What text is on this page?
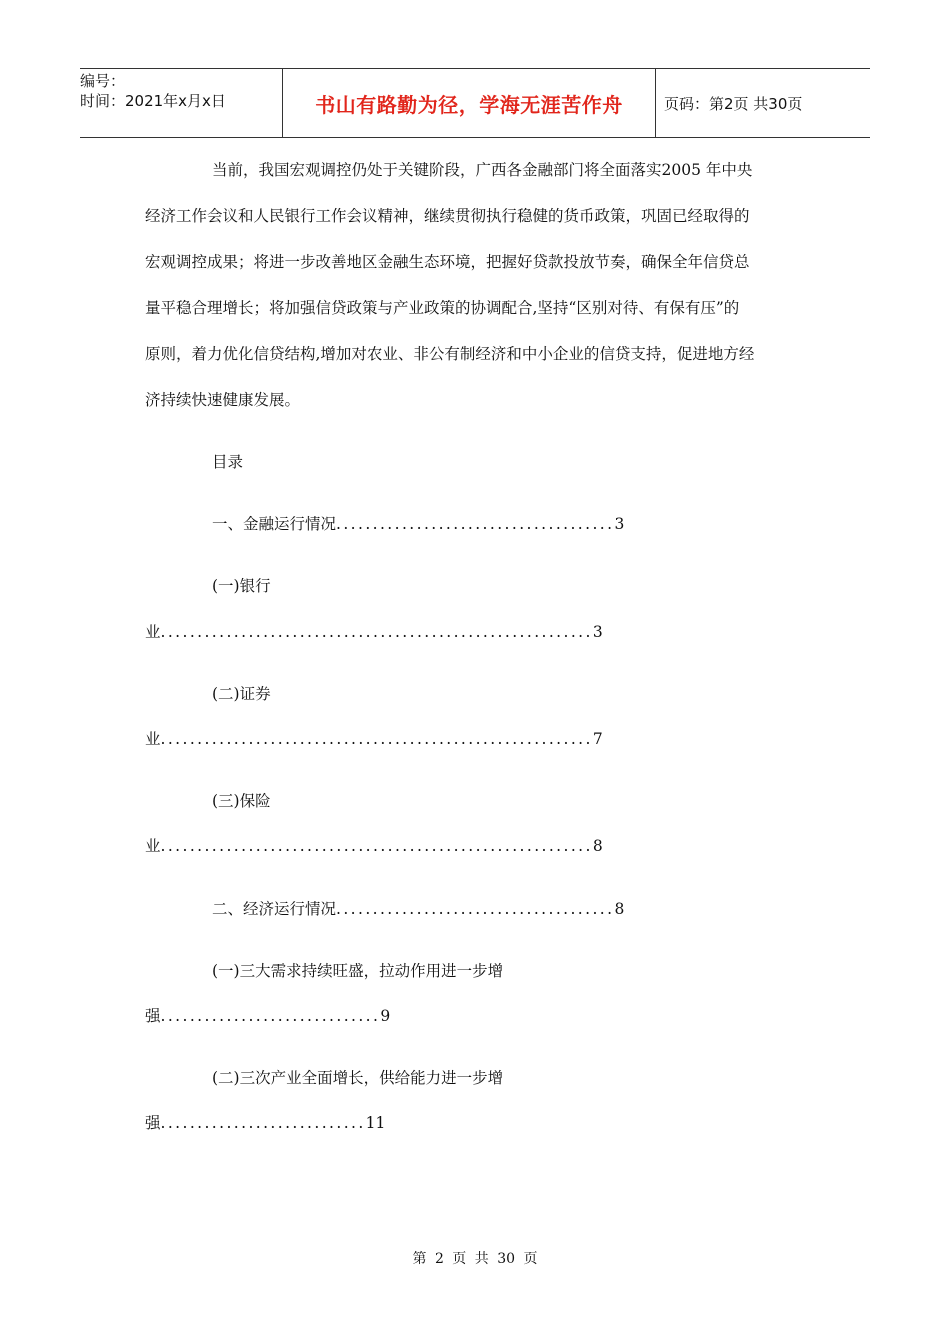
编号：
时间：2021年x月x日	书山有路勤为径，学海无涯苦作舟	页码：第2页 共30页
当前，我国宏观调控仍处于关键阶段，广西各金融部门将全面落实2005 年中央
经济工作会议和人民银行工作会议精神，继续贯彻执行稳健的货币政策，巩固已经取得的
宏观调控成果；将进一步改善地区金融生态环境，把握好贷款投放节奏，确保全年信贷总
量平稳合理增长；将加强信贷政策与产业政策的协调配合,坚持“区别对待、有保有压”的
原则，着力优化信贷结构,增加对农业、非公有制经济和中小企业的信贷支持，促进地方经
济持续快速健康发展。
目录
一、金融运行情况......................................3
(一)银行
业...........................................................3
(二)证券
业...........................................................7
(三)保险
业...........................................................8
二、经济运行情况......................................8
(一)三大需求持续旺盛，拉动作用进一步增
强..............................9
(二)三次产业全面增长，供给能力进一步增
强............................11
第 2 页 共 30 页
